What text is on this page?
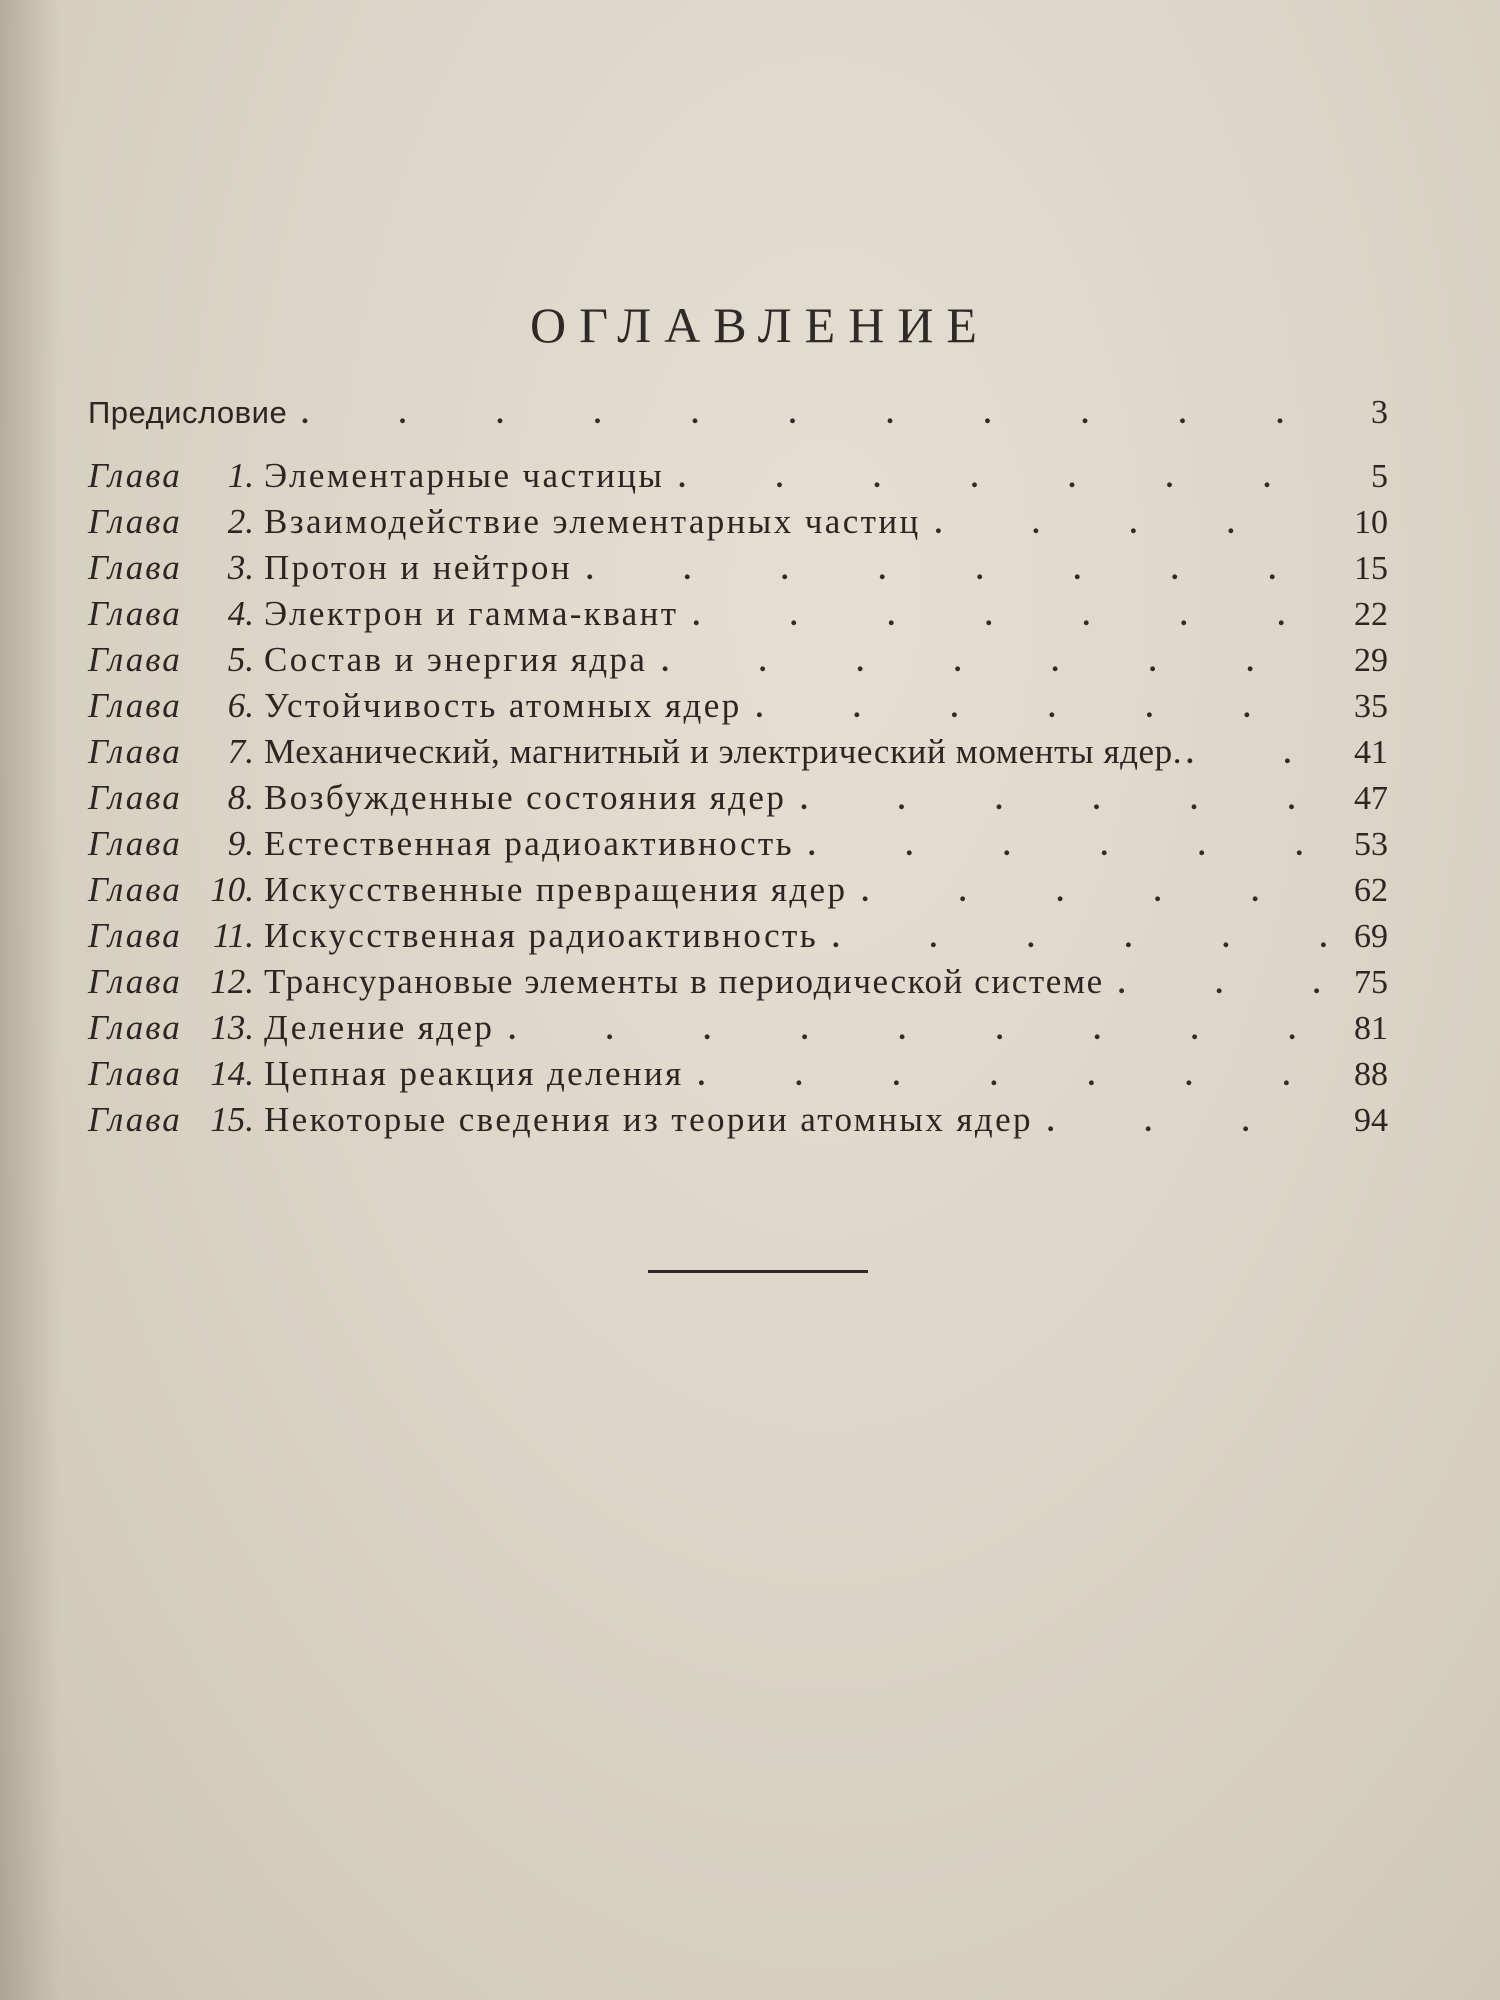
ОГЛАВЛЕНИЕ
Предисловие .	3
Глава 1. Элементарные частицы .	5
Глава 2. Взаимодействие элементарных частиц .	10
Глава 3. Протон и нейтрон .	15
Глава 4. Электрон и гамма-квант .	22
Глава 5. Состав и энергия ядра .	29
Глава 6. Устойчивость атомных ядер .	35
Глава 7. Механический, магнитный и электрический моменты ядер. .	41
Глава 8. Возбужденные состояния ядер .	47
Глава 9. Естественная радиоактивность .	53
Глава 10. Искусственные превращения ядер .	62
Глава 11. Искусственная радиоактивность .	69
Глава 12. Трансурановые элементы в периодической системе .	75
Глава 13. Деление ядер .	81
Глава 14. Цепная реакция деления .	88
Глава 15. Некоторые сведения из теории атомных ядер .	94
